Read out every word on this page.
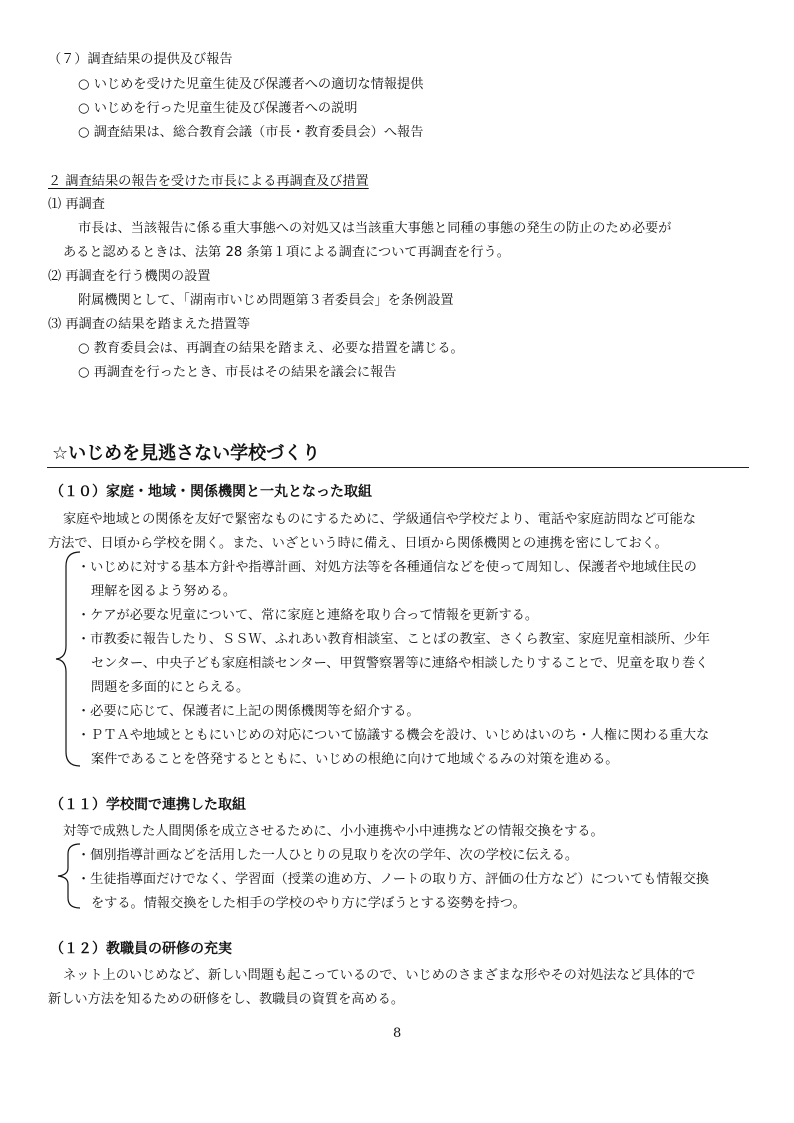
（７）調査結果の提供及び報告
○ いじめを受けた児童生徒及び保護者への適切な情報提供
○ いじめを行った児童生徒及び保護者への説明
○ 調査結果は、総合教育会議（市長・教育委員会）へ報告
２ 調査結果の報告を受けた市長による再調査及び措置
⑴ 再調査
市長は、当該報告に係る重大事態への対処又は当該重大事態と同種の事態の発生の防止のため必要が
あると認めるときは、法第 28 条第１項による調査について再調査を行う。
⑵ 再調査を行う機関の設置
附属機関として、「湖南市いじめ問題第３者委員会」を条例設置
⑶ 再調査の結果を踏まえた措置等
○ 教育委員会は、再調査の結果を踏まえ、必要な措置を講じる。
○ 再調査を行ったとき、市長はその結果を議会に報告
☆いじめを見逃さない学校づくり
（１０）家庭・地域・関係機関と一丸となった取組
家庭や地域との関係を友好で緊密なものにするために、学級通信や学校だより、電話や家庭訪問など可能な
方法で、日頃から学校を開く。また、いざという時に備え、日頃から関係機関との連携を密にしておく。
・いじめに対する基本方針や指導計画、対処方法等を各種通信などを使って周知し、保護者や地域住民の
理解を図るよう努める。
・ケアが必要な児童について、常に家庭と連絡を取り合って情報を更新する。
・市教委に報告したり、ＳＳＷ、ふれあい教育相談室、ことばの教室、さくら教室、家庭児童相談所、少年
センター、中央子ども家庭相談センター、甲賀警察署等に連絡や相談したりすることで、児童を取り巻く
問題を多面的にとらえる。
・必要に応じて、保護者に上記の関係機関等を紹介する。
・ＰＴＡや地域とともにいじめの対応について協議する機会を設け、いじめはいのち・人権に関わる重大な
案件であることを啓発するとともに、いじめの根絶に向けて地域ぐるみの対策を進める。
（１１）学校間で連携した取組
対等で成熟した人間関係を成立させるために、小小連携や小中連携などの情報交換をする。
・個別指導計画などを活用した一人ひとりの見取りを次の学年、次の学校に伝える。
・生徒指導面だけでなく、学習面（授業の進め方、ノートの取り方、評価の仕方など）についても情報交換
をする。情報交換をした相手の学校のやり方に学ぼうとする姿勢を持つ。
（１２）教職員の研修の充実
ネット上のいじめなど、新しい問題も起こっているので、いじめのさまざまな形やその対処法など具体的で
新しい方法を知るための研修をし、教職員の資質を高める。
8
